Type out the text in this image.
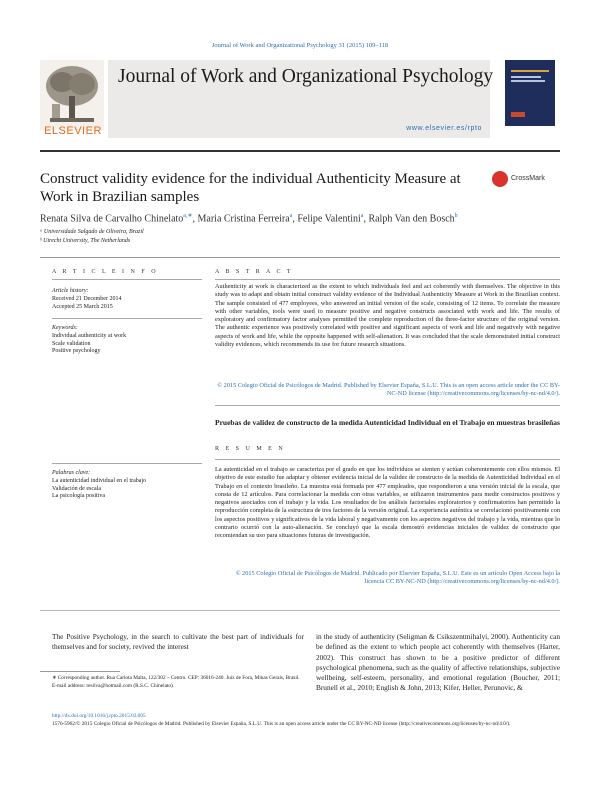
Journal of Work and Organizational Psychology 31 (2015) 109–118
ELSEVIER
Journal of Work and Organizational Psychology
www.elsevier.es/rpto
Construct validity evidence for the individual Authenticity Measure at Work in Brazilian samples
CrossMark
Renata Silva de Carvalho Chinelato$^{a,∗}$, Maria Cristina Ferreira$^a$, Felipe Valentini$^a$, Ralph Van den Bosch$^b$
ᵃ Universidade Salgado de Oliveira, Brazil
ᵇ Utrecht University, The Netherlands
A R T I C L E I N F O	A B S T R A C T
Article history:
Received 21 December 2014
Accepted 25 March 2015
Keywords:
Individual authenticity at work
Scale validation
Positive psychology
Authenticity at work is characterized as the extent to which individuals feel and act coherently with themselves. The objective in this study was to adapt and obtain initial construct validity evidence of the Individual Authenticity Measure at Work in the Brazilian context. The sample consisted of 477 employees, who answered an initial version of the scale, consisting of 12 items. To correlate the measure with other variables, tools were used to measure positive and negative constructs associated with work and life. The results of exploratory and confirmatory factor analyses permitted the complete reproduction of the three-factor structure of the original version. The authentic experience was positively correlated with positive and significant aspects of work and life and negatively with negative aspects of work and life, while the opposite happened with self-alienation. It was concluded that the scale demonstrated initial construct validity evidences, which recommends its use for future research situations.
© 2015 Colegio Oficial de Psicólogos de Madrid. Published by Elsevier España, S.L.U. This is an open access article under the CC BY-NC-ND license (http://creativecommons.org/licenses/by-nc-nd/4.0/).
Pruebas de validez de constructo de la medida Autenticidad Individual en el Trabajo en muestras brasileñas
R E S U M E N
Palabras clave:
La autenticidad individual en el trabajo
Validación de escala
La psicología positiva
La autenticidad en el trabajo se caracteriza por el grado en que los individuos se sienten y actúan coherentemente con ellos mismos. El objetivo de este estudio fue adaptar y obtener evidencia inicial de la validez de constructo de la medida de Autenticidad Individual en el Trabajo en el contexto brasileño. La muestra está formada por 477 empleados, que respondieron a una versión inicial de la escala, que consta de 12 artículos. Para correlacionar la medida con otras variables, se utilizaron instrumentos para medir constructos positivos y negativos asociados con el trabajo y la vida. Los resultados de los análisis factoriales exploratorios y confirmatorios han permitido la reproducción completa de la estructura de tres factores de la versión original. La experiencia auténtica se correlacionó positivamente con los aspectos positivos y significativos de la vida laboral y negativamente con los aspectos negativos del trabajo y la vida, mientras que lo contrario ocurrió con la auto-alienación. Se concluyó que la escala demostró evidencias iniciales de validez de constructo que recomiendan su uso para situaciones futuras de investigación.
© 2015 Colegio Oficial de Psicólogos de Madrid. Publicado por Elsevier España, S.L.U. Este es un artículo Open Access bajo la licencia CC BY-NC-ND (http://creativecommons.org/licenses/by-nc-nd/4.0/).
The Positive Psychology, in the search to cultivate the best part of individuals for themselves and for society, revived the interest
in the study of authenticity (Seligman & Csikszentmihalyi, 2000). Authenticity can be defined as the extent to which people act coherently with themselves (Harter, 2002). This construct has shown to be a positive predictor of different psychological phenomena, such as the quality of affective relationships, subjective wellbeing, self-esteem, personality, and emotional regulation (Boucher, 2011; Brunell et al., 2010; English & John, 2013; Kifer, Heller, Perunovic, &
∗ Corresponding author. Rua Carlota Malta, 122/302 – Centro. CEP: 36016-240. Juiz de Fora, Minas Gerais, Brasil.
E-mail address: resilva@hotmail.com (R.S.C. Chinelato).
http://dx.doi.org/10.1016/j.rpto.2015.03.005
1576-5962/© 2015 Colegio Oficial de Psicólogos de Madrid. Published by Elsevier España, S.L.U. This is an open access article under the CC BY-NC-ND license (http://creativecommons.org/licenses/by-nc-nd/4.0/).
